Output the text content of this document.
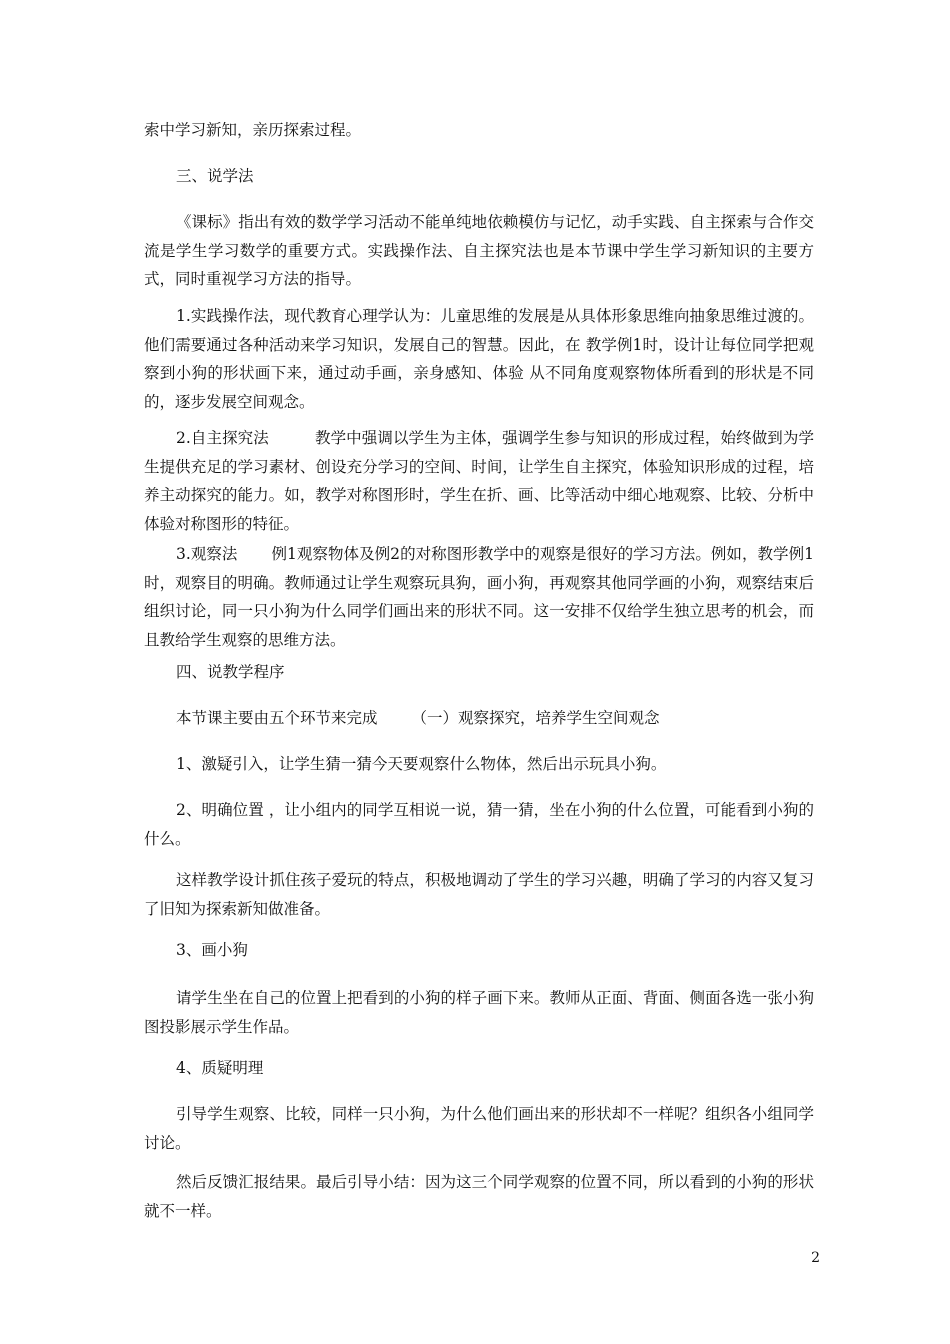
索中学习新知，亲历探索过程。

三、说学法

《课标》指出有效的数学学习活动不能单纯地依赖模仿与记忆，动手实践、自主探索与合作交流是学生学习数学的重要方式。实践操作法、自主探究法也是本节课中学生学习新知识的主要方式，同时重视学习方法的指导。

1.实践操作法，现代教育心理学认为：儿童思维的发展是从具体形象思维向抽象思维过渡的。他们需要通过各种活动来学习知识，发展自己的智慧。因此，在 教学例1时，设计让每位同学把观察到小狗的形状画下来，通过动手画，亲身感知、体验 从不同角度观察物体所看到的形状是不同的，逐步发展空间观念。

2.自主探究法	教学中强调以学生为主体，强调学生参与知识的形成过程，始终做到为学生提供充足的学习素材、创设充分学习的空间、时间，让学生自主探究，体验知识形成的过程，培养主动探究的能力。如，教学对称图形时，学生在折、画、比等活动中细心地观察、比较、分析中体验对称图形的特征。

3.观察法 例1观察物体及例2的对称图形教学中的观察是很好的学习方法。例如，教学例1时，观察目的明确。教师通过让学生观察玩具狗，画小狗，再观察其他同学画的小狗，观察结束后组织讨论，同一只小狗为什么同学们画出来的形状不同。这一安排不仅给学生独立思考的机会，而且教给学生观察的思维方法。

四、说教学程序

本节课主要由五个环节来完成 （一）观察探究，培养学生空间观念

1、激疑引入，让学生猜一猜今天要观察什么物体，然后出示玩具小狗。

2、明确位置 ，让小组内的同学互相说一说，猜一猜，坐在小狗的什么位置，可能看到小狗的什么。

这样教学设计抓住孩子爱玩的特点，积极地调动了学生的学习兴趣，明确了学习的内容又复习了旧知为探索新知做准备。

3、画小狗

请学生坐在自己的位置上把看到的小狗的样子画下来。教师从正面、背面、侧面各选一张小狗图投影展示学生作品。

4、质疑明理

引导学生观察、比较，同样一只小狗，为什么他们画出来的形状却不一样呢？组织各小组同学讨论。

然后反馈汇报结果。最后引导小结：因为这三个同学观察的位置不同，所以看到的小狗的形状就不一样。

2
